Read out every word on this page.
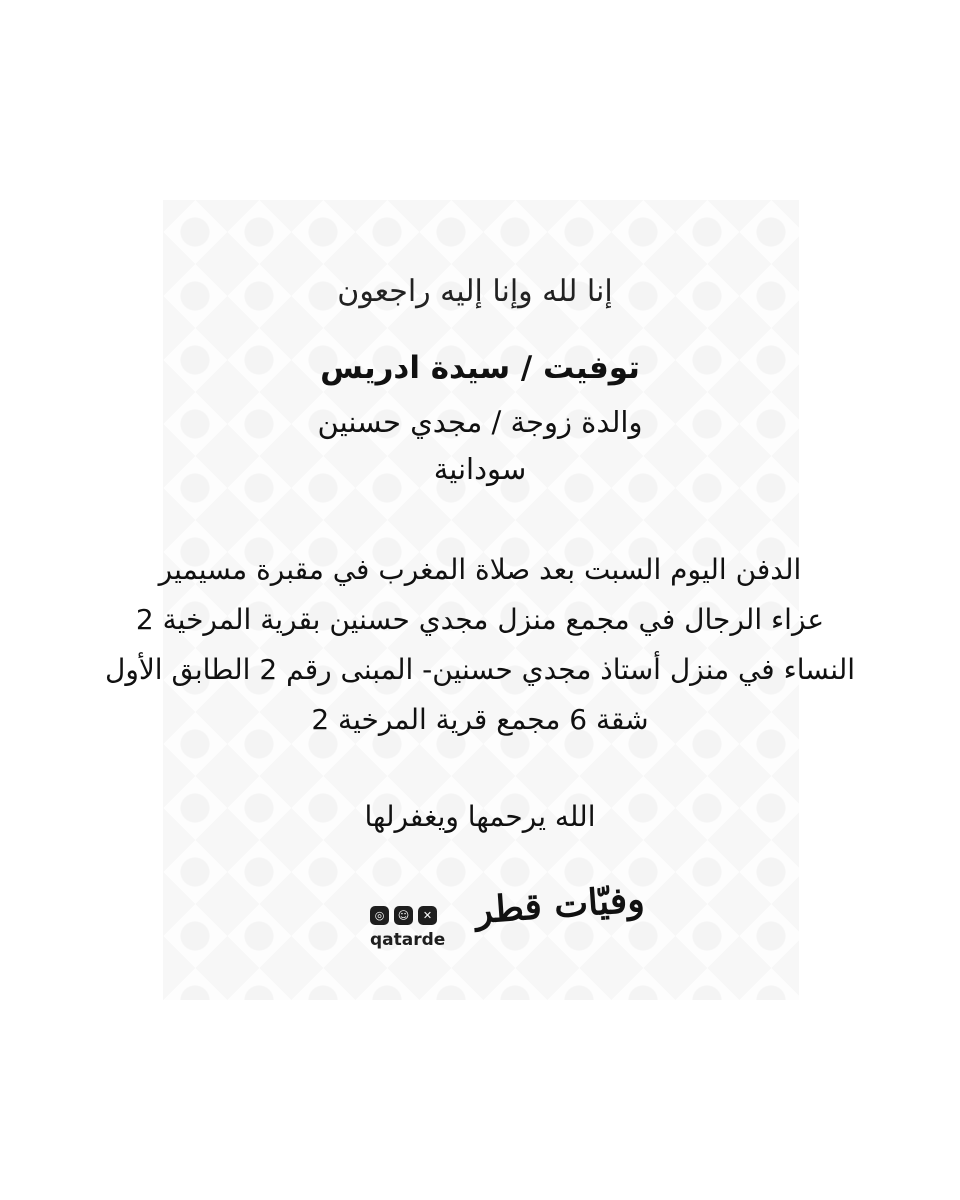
إنا لله وإنا إليه راجعون
توفيت / سيدة ادريس
والدة زوجة / مجدي حسنين
سودانية
الدفن اليوم السبت بعد صلاة المغرب في مقبرة مسيمير
عزاء الرجال في مجمع منزل مجدي حسنين بقرية المرخية 2
النساء في منزل أستاذ مجدي حسنين- المبنى رقم 2 الطابق الأول
شقة 6 مجمع قرية المرخية 2
الله يرحمها ويغفرلها
◎	☺	✕
qatarde
وفيّات قطر
